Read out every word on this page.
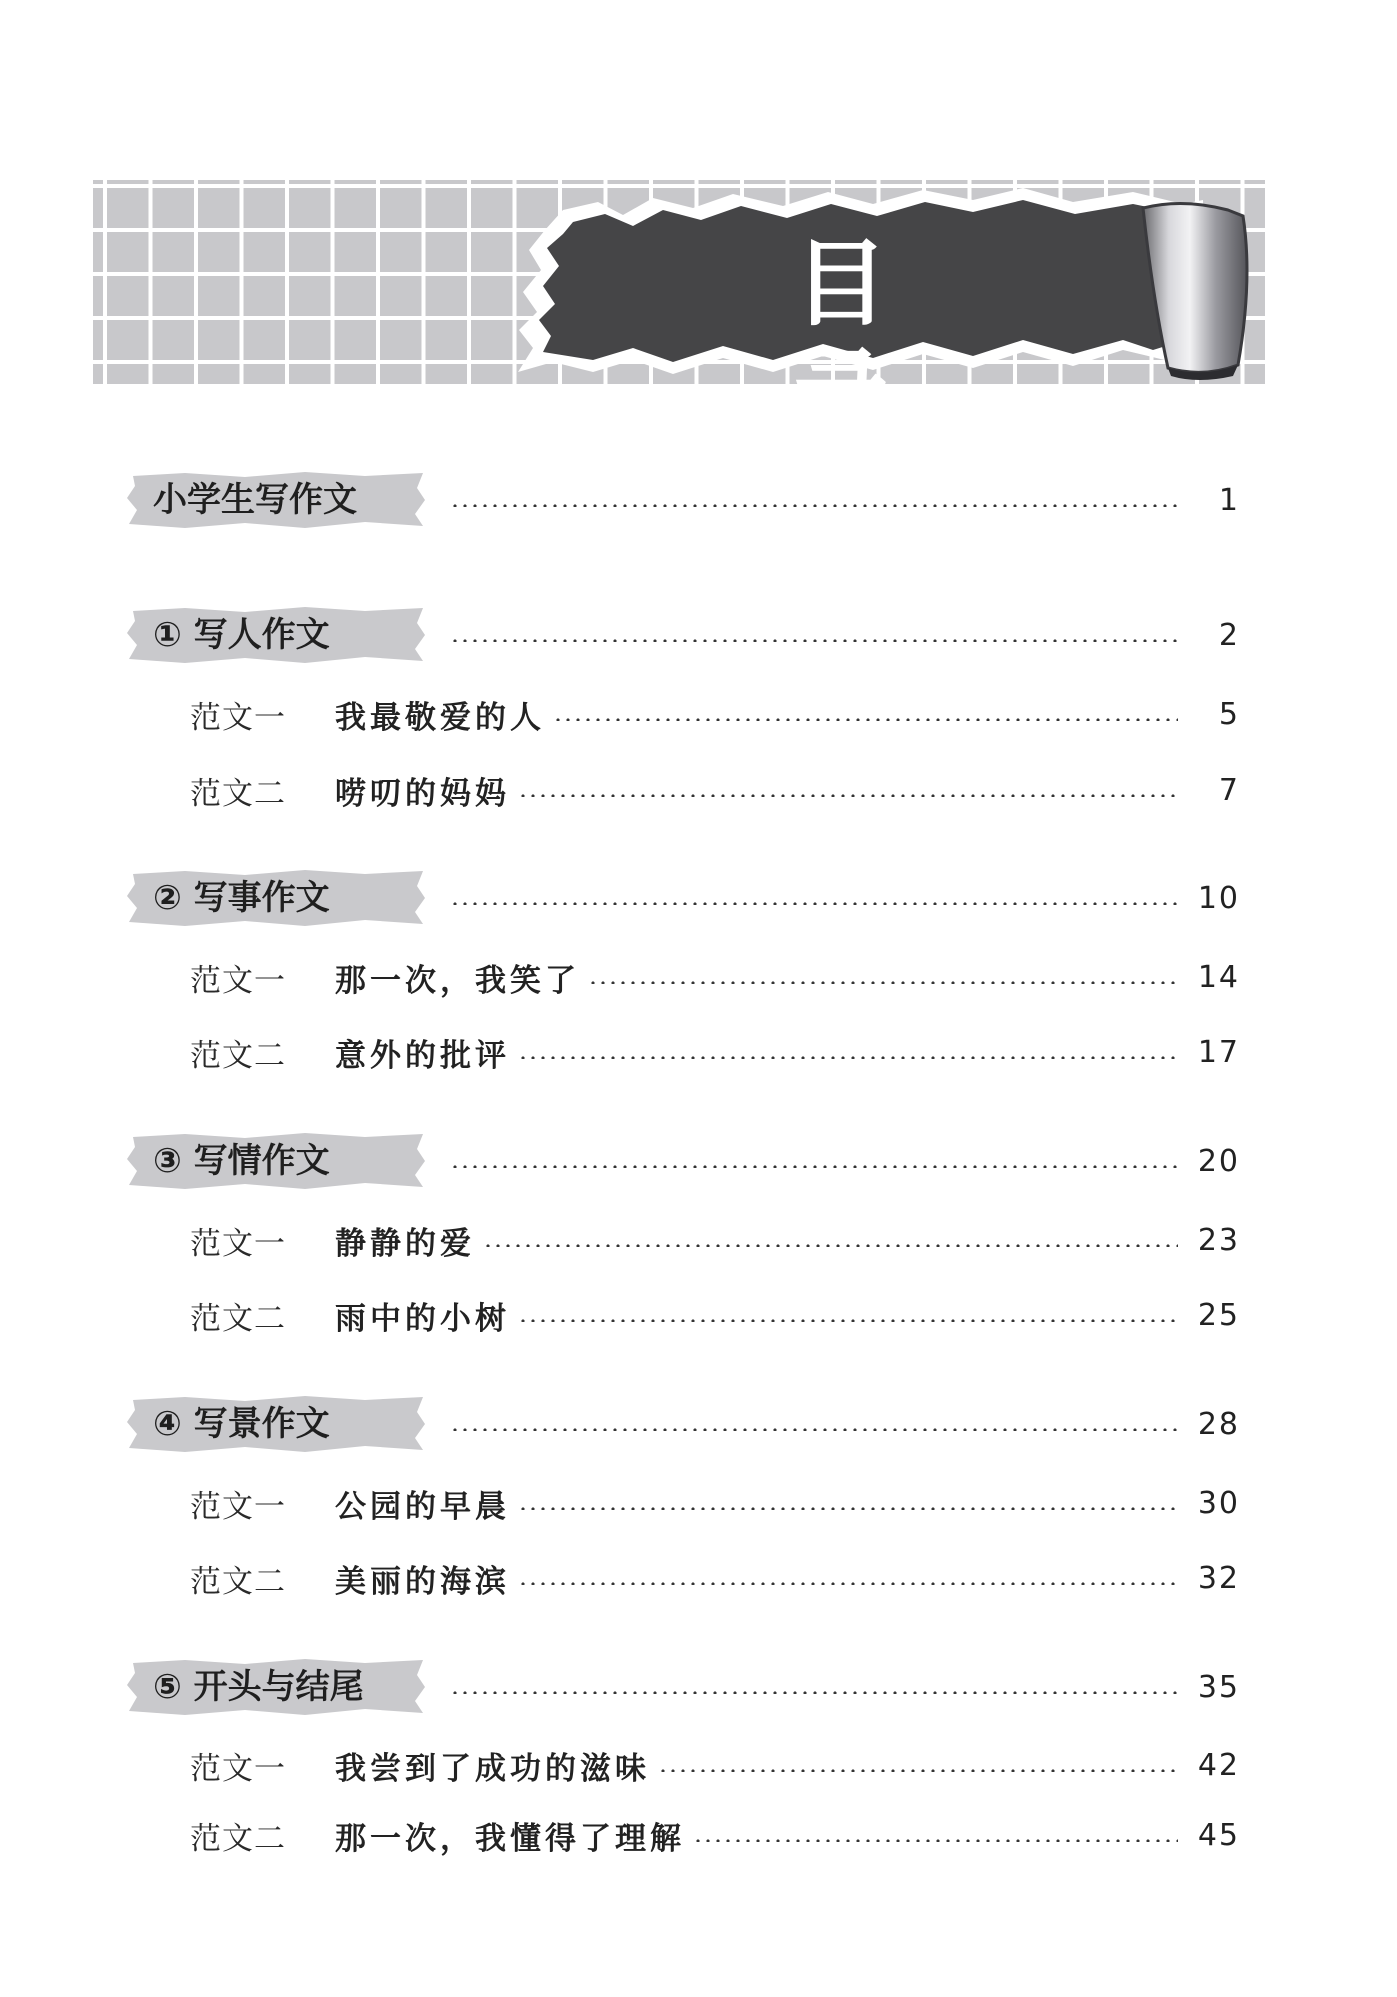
目 录
小学生写作文	1
① 写人作文	2
范文一	我最敬爱的人	5
范文二	唠叨的妈妈	7
② 写事作文	10
范文一	那一次，我笑了	14
范文二	意外的批评	17
③ 写情作文	20
范文一	静静的爱	23
范文二	雨中的小树	25
④ 写景作文	28
范文一	公园的早晨	30
范文二	美丽的海滨	32
⑤ 开头与结尾	35
范文一	我尝到了成功的滋味	42
范文二	那一次，我懂得了理解	45
